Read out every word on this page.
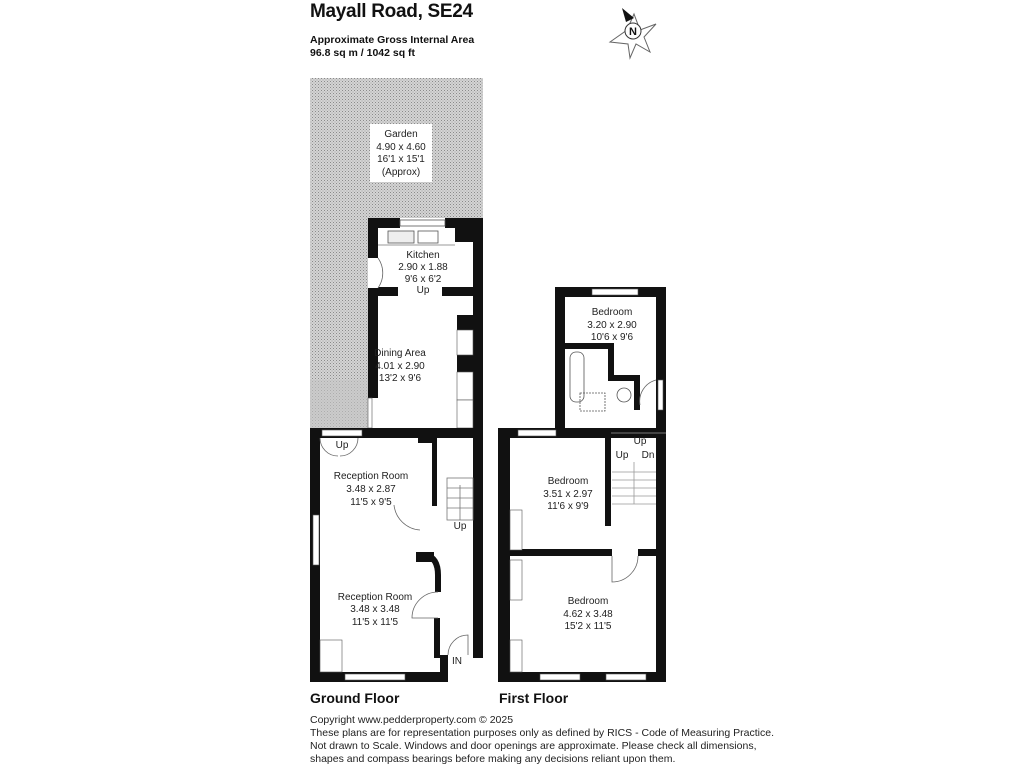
Mayall Road, SE24
Approximate Gross Internal Area
96.8 sq m / 1042 sq ft
N
Garden
4.90 x 4.60
16'1 x 15'1
(Approx)
Kitchen
2.90 x 1.88
9'6 x 6'2
Up
Dining Area
4.01 x 2.90
13'2 x 9'6
Reception Room
3.48 x 2.87
11'5 x 9'5
Reception Room
3.48 x 3.48
11'5 x 11'5
Up
Up
IN
Bedroom
3.20 x 2.90
10'6 x 9'6
Bedroom
3.51 x 2.97
11'6 x 9'9
Bedroom
4.62 x 3.48
15'2 x 11'5
Up
Up Dn
Ground Floor	First Floor
Copyright www.pedderproperty.com © 2025
These plans are for representation purposes only as defined by RICS - Code of Measuring Practice.
Not drawn to Scale. Windows and door openings are approximate. Please check all dimensions,
shapes and compass bearings before making any decisions reliant upon them.
